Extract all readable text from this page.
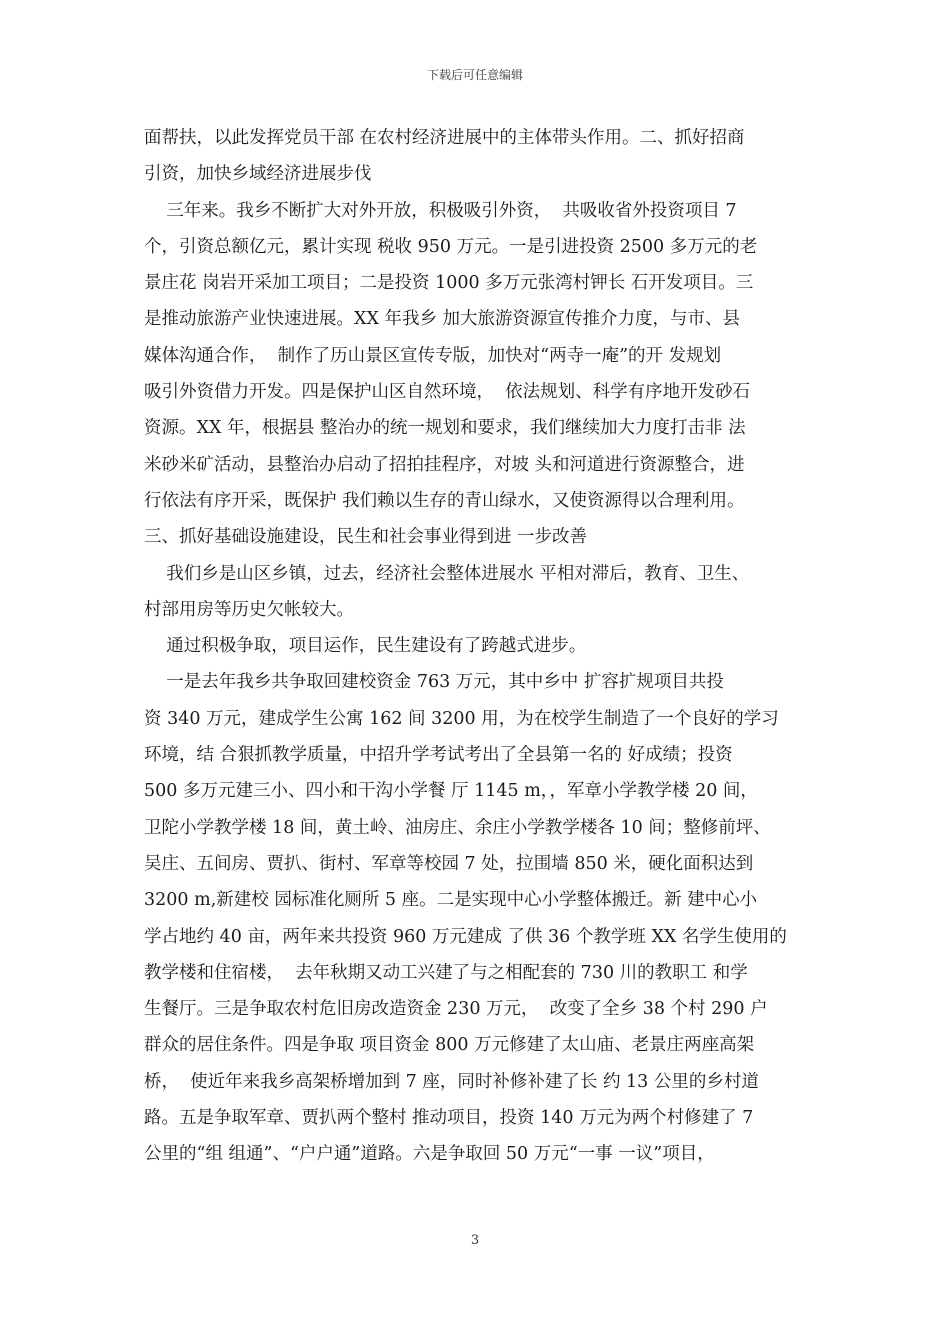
下载后可任意编辑
面帮扶，以此发挥党员干部 在农村经济进展中的主体带头作用。二、抓好招商
引资，加快乡域经济进展步伐
三年来。我乡不断扩大对外开放，积极吸引外资，  共吸收省外投资项目 7
个，引资总额亿元，累计实现 税收 950 万元。一是引进投资 2500 多万元的老
景庄花 岗岩开采加工项目；二是投资 1000 多万元张湾村钾长 石开发项目。三
是推动旅游产业快速进展。XX 年我乡 加大旅游资源宣传推介力度，与市、县
媒体沟通合作，  制作了历山景区宣传专版，加快对“两寺一庵”的开 发规划
吸引外资借力开发。四是保护山区自然环境，  依法规划、科学有序地开发砂石
资源。XX 年，根据县 整治办的统一规划和要求，我们继续加大力度打击非 法
米砂米矿活动，县整治办启动了招拍挂程序，对坡 头和河道进行资源整合，进
行依法有序开采，既保护 我们赖以生存的青山绿水，又使资源得以合理利用。
三、抓好基础设施建设，民生和社会事业得到进 一步改善
我们乡是山区乡镇，过去，经济社会整体进展水 平相对滞后，教育、卫生、
村部用房等历史欠帐较大。
通过积极争取，项目运作，民生建设有了跨越式进步。
一是去年我乡共争取回建校资金 763 万元，其中乡中 扩容扩规项目共投
资 340 万元，建成学生公寓 162 间 3200 用，为在校学生制造了一个良好的学习
环境，结 合狠抓教学质量，中招升学考试考出了全县第一名的 好成绩；投资
500 多万元建三小、四小和干沟小学餐 厅 1145 m，，军章小学教学楼 20 间，
卫陀小学教学楼 18 间，黄土岭、油房庄、余庄小学教学楼各 10 间；整修前坪、
吴庄、五间房、贾扒、街村、军章等校园 7 处，拉围墙 850 米，硬化面积达到
3200 m,新建校 园标准化厕所 5 座。二是实现中心小学整体搬迁。新 建中心小
学占地约 40 亩，两年来共投资 960 万元建成 了供 36 个教学班 XX 名学生使用的
教学楼和住宿楼，  去年秋期又动工兴建了与之相配套的 730 川的教职工 和学
生餐厅。三是争取农村危旧房改造资金 230 万元，  改变了全乡 38 个村 290 户
群众的居住条件。四是争取 项目资金 800 万元修建了太山庙、老景庄两座高架
桥，  使近年来我乡高架桥增加到 7 座，同时补修补建了长 约 13 公里的乡村道
路。五是争取军章、贾扒两个整村 推动项目，投资 140 万元为两个村修建了 7
公里的“组 组通”、“户户通”道路。六是争取回 50 万元“一事 一议”项目，
3
